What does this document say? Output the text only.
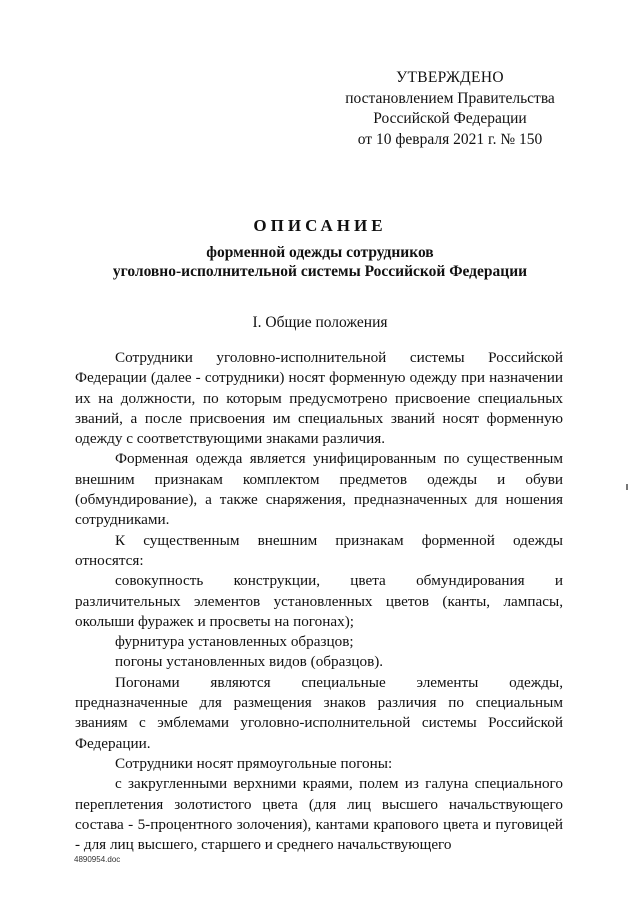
УТВЕРЖДЕНО
постановлением Правительства
Российской Федерации
от 10 февраля 2021 г. № 150
ОПИСАНИЕ
форменной одежды сотрудников
уголовно-исполнительной системы Российской Федерации
I. Общие положения

Сотрудники уголовно-исполнительной системы Российской Федерации (далее - сотрудники) носят форменную одежду при назначении их на должности, по которым предусмотрено присвоение специальных званий, а после присвоения им специальных званий носят форменную одежду с соответствующими знаками различия.

Форменная одежда является унифицированным по существенным внешним признакам комплектом предметов одежды и обуви (обмундирование), а также снаряжения, предназначенных для ношения сотрудниками.

К существенным внешним признакам форменной одежды относятся:

совокупность конструкции, цвета обмундирования и различительных элементов установленных цветов (канты, лампасы, околыши фуражек и просветы на погонах);

фурнитура установленных образцов;

погоны установленных видов (образцов).

Погонами являются специальные элементы одежды, предназначенные для размещения знаков различия по специальным званиям с эмблемами уголовно-исполнительной системы Российской Федерации.

Сотрудники носят прямоугольные погоны:

с закругленными верхними краями, полем из галуна специального переплетения золотистого цвета (для лиц высшего начальствующего состава - 5-процентного золочения), кантами крапового цвета и пуговицей - для лиц высшего, старшего и среднего начальствующего

4890954.doc
